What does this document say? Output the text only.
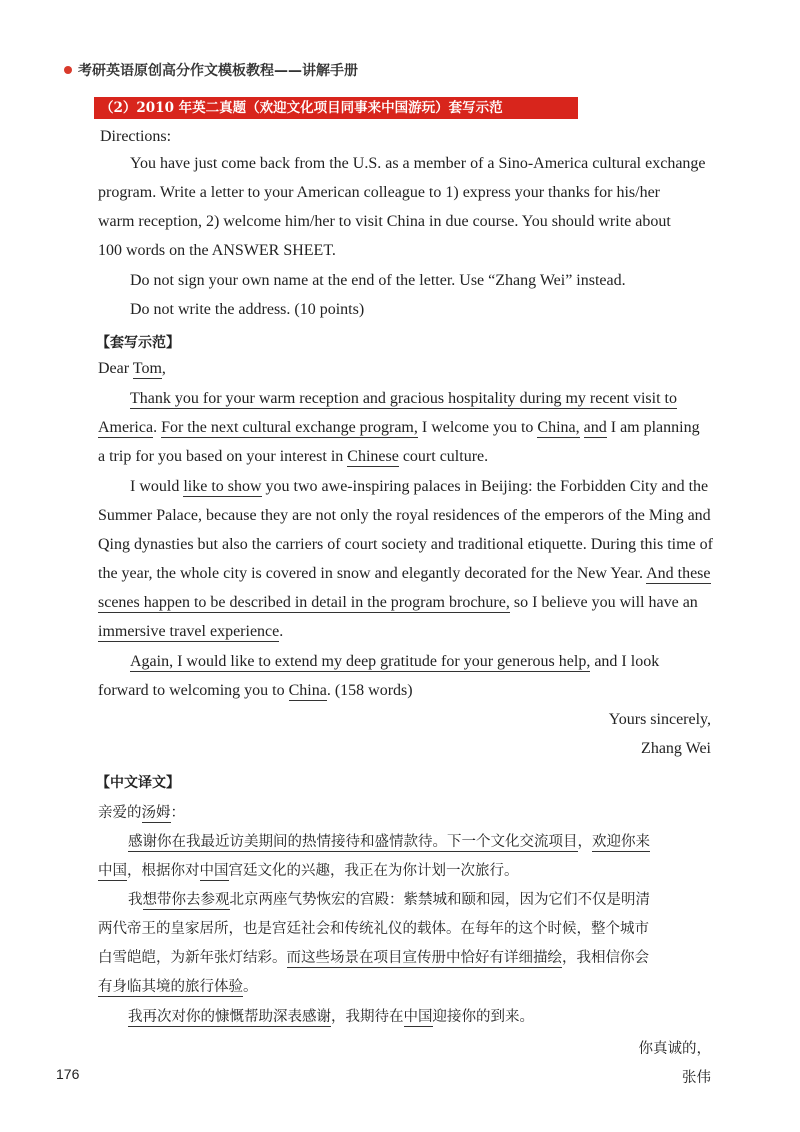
考研英语原创高分作文模板教程——讲解手册
（2）2010 年英二真题（欢迎文化项目同事来中国游玩）套写示范
Directions:
You have just come back from the U.S. as a member of a Sino-America cultural exchange
program. Write a letter to your American colleague to 1) express your thanks for his/her
warm reception, 2) welcome him/her to visit China in due course. You should write about
100 words on the ANSWER SHEET.
Do not sign your own name at the end of the letter. Use “Zhang Wei” instead.
Do not write the address. (10 points)
【套写示范】
Dear Tom,
Thank you for your warm reception and gracious hospitality during my recent visit to
America. For the next cultural exchange program, I welcome you to China, and I am planning
a trip for you based on your interest in Chinese court culture.
I would like to show you two awe-inspiring palaces in Beijing: the Forbidden City and the
Summer Palace, because they are not only the royal residences of the emperors of the Ming and
Qing dynasties but also the carriers of court society and traditional etiquette. During this time of
the year, the whole city is covered in snow and elegantly decorated for the New Year. And these
scenes happen to be described in detail in the program brochure, so I believe you will have an
immersive travel experience.
Again, I would like to extend my deep gratitude for your generous help, and I look
forward to welcoming you to China. (158 words)
Yours sincerely,
Zhang Wei
【中文译文】
亲爱的汤姆：
感谢你在我最近访美期间的热情接待和盛情款待。下一个文化交流项目，欢迎你来
中国，根据你对中国宫廷文化的兴趣，我正在为你计划一次旅行。
我想带你去参观北京两座气势恢宏的宫殿：紫禁城和颐和园，因为它们不仅是明清
两代帝王的皇家居所，也是宫廷社会和传统礼仪的载体。在每年的这个时候，整个城市
白雪皑皑，为新年张灯结彩。而这些场景在项目宣传册中恰好有详细描绘，我相信你会
有身临其境的旅行体验。
我再次对你的慷慨帮助深表感谢，我期待在中国迎接你的到来。
你真诚的，
张伟
176
